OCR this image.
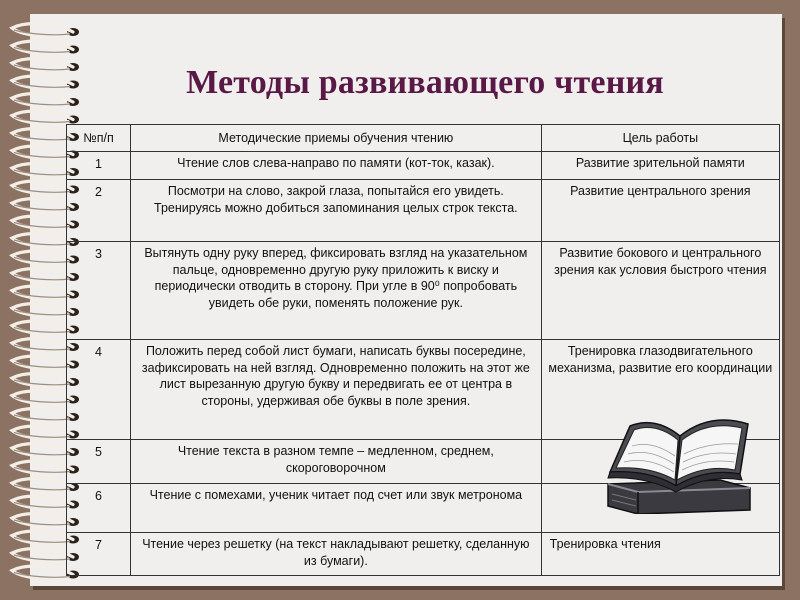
Методы развивающего чтения
№п/п	Методические приемы обучения чтению	Цель работы
1	Чтение слов слева-направо по памяти (кот-ток, казак).	Развитие зрительной памяти
2	Посмотри на слово, закрой глаза, попытайся его увидеть. Тренируясь можно добиться запоминания целых строк текста.	Развитие центрального зрения
3	Вытянуть одну руку вперед, фиксировать взгляд на указательном пальце, одновременно другую руку приложить к виску и периодически отводить в сторону. При угле в 90⁰ попробовать увидеть обе руки, поменять положение рук.	Развитие бокового и центрального зрения как условия быстрого чтения
4	Положить перед собой лист бумаги, написать буквы посередине, зафиксировать на ней взгляд. Одновременно положить на этот же лист вырезанную другую букву и передвигать ее от центра в стороны, удерживая обе буквы в поле зрения.	Тренировка глазодвигательного механизма, развитие его координации
5	Чтение текста в разном темпе – медленном, среднем, скороговорочном	
6	Чтение с помехами, ученик читает под счет или звук метронома	
7	Чтение через решетку (на текст накладывают решетку, сделанную из бумаги).	Тренировка чтения
